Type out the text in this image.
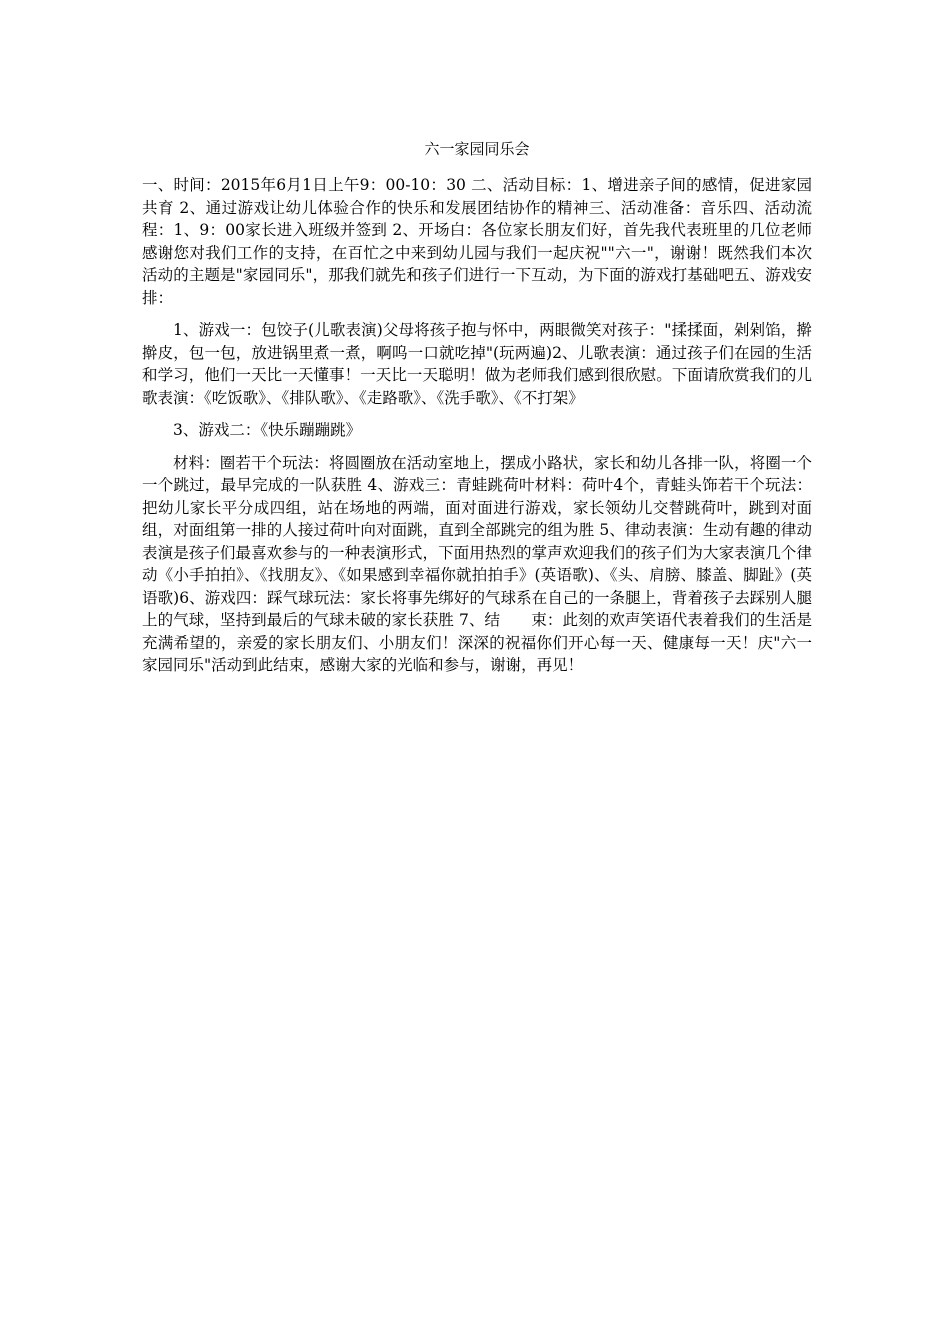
六一家园同乐会

一、时间：2015年6月1日上午9：00-10：30 二、活动目标：1、增进亲子间的感情，促进家园共育 2、通过游戏让幼儿体验合作的快乐和发展团结协作的精神三、活动准备：音乐四、活动流程：1、9：00家长进入班级并签到 2、开场白：各位家长朋友们好，首先我代表班里的几位老师感谢您对我们工作的支持，在百忙之中来到幼儿园与我们一起庆祝""六一"，谢谢！既然我们本次活动的主题是"家园同乐"，那我们就先和孩子们进行一下互动，为下面的游戏打基础吧五、游戏安排：

1、游戏一：包饺子(儿歌表演)父母将孩子抱与怀中，两眼微笑对孩子："揉揉面，剁剁馅，擀擀皮，包一包，放进锅里煮一煮，啊呜一口就吃掉"(玩两遍)2、儿歌表演：通过孩子们在园的生活和学习，他们一天比一天懂事！一天比一天聪明！做为老师我们感到很欣慰。下面请欣赏我们的儿歌表演：《吃饭歌》、《排队歌》、《走路歌》、《洗手歌》、《不打架》

3、游戏二：《快乐蹦蹦跳》

材料：圈若干个玩法：将圆圈放在活动室地上，摆成小路状，家长和幼儿各排一队，将圈一个一个跳过，最早完成的一队获胜 4、游戏三：青蛙跳荷叶材料：荷叶4个，青蛙头饰若干个玩法：把幼儿家长平分成四组，站在场地的两端，面对面进行游戏，家长领幼儿交替跳荷叶，跳到对面组，对面组第一排的人接过荷叶向对面跳，直到全部跳完的组为胜 5、律动表演：生动有趣的律动表演是孩子们最喜欢参与的一种表演形式，下面用热烈的掌声欢迎我们的孩子们为大家表演几个律动《小手拍拍》、《找朋友》、《如果感到幸福你就拍拍手》(英语歌)、《头、肩膀、膝盖、脚趾》(英语歌)6、游戏四：踩气球玩法：家长将事先绑好的气球系在自己的一条腿上，背着孩子去踩别人腿上的气球，坚持到最后的气球未破的家长获胜 7、结　　束：此刻的欢声笑语代表着我们的生活是充满希望的，亲爱的家长朋友们、小朋友们！深深的祝福你们开心每一天、健康每一天！庆"六一家园同乐"活动到此结束，感谢大家的光临和参与，谢谢，再见！
